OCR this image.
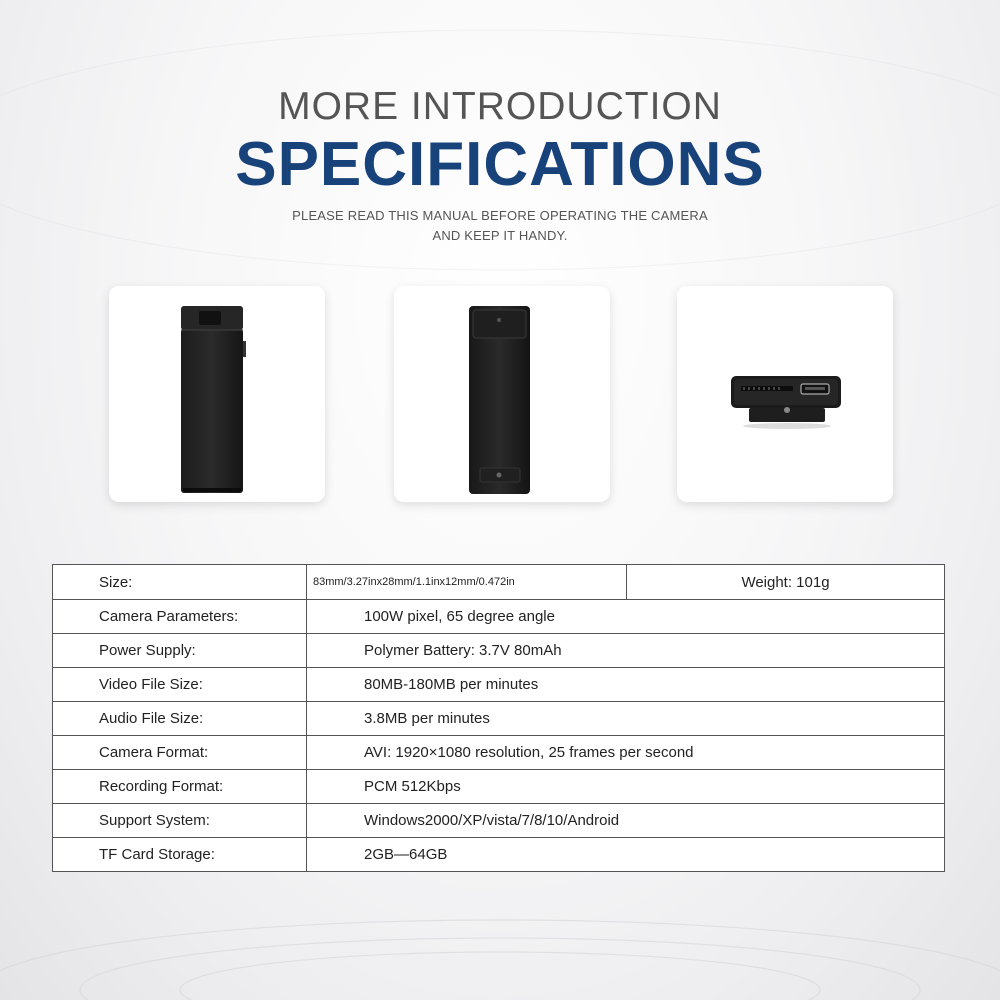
MORE INTRODUCTION
SPECIFICATIONS
PLEASE READ THIS MANUAL BEFORE OPERATING THE CAMERA
AND KEEP IT HANDY.
Size:	83mm/3.27inx28mm/1.1inx12mm/0.472in	Weight: 101g
Camera Parameters:	100W pixel, 65 degree angle	
Power Supply:	Polymer Battery: 3.7V 80mAh	
Video File Size:	80MB-180MB per minutes	
Audio File Size:	3.8MB per minutes	
Camera Format:	AVI: 1920×1080 resolution, 25 frames per second	
Recording Format:	PCM 512Kbps	
Support System:	Windows2000/XP/vista/7/8/10/Android	
TF Card Storage:	2GB—64GB	
